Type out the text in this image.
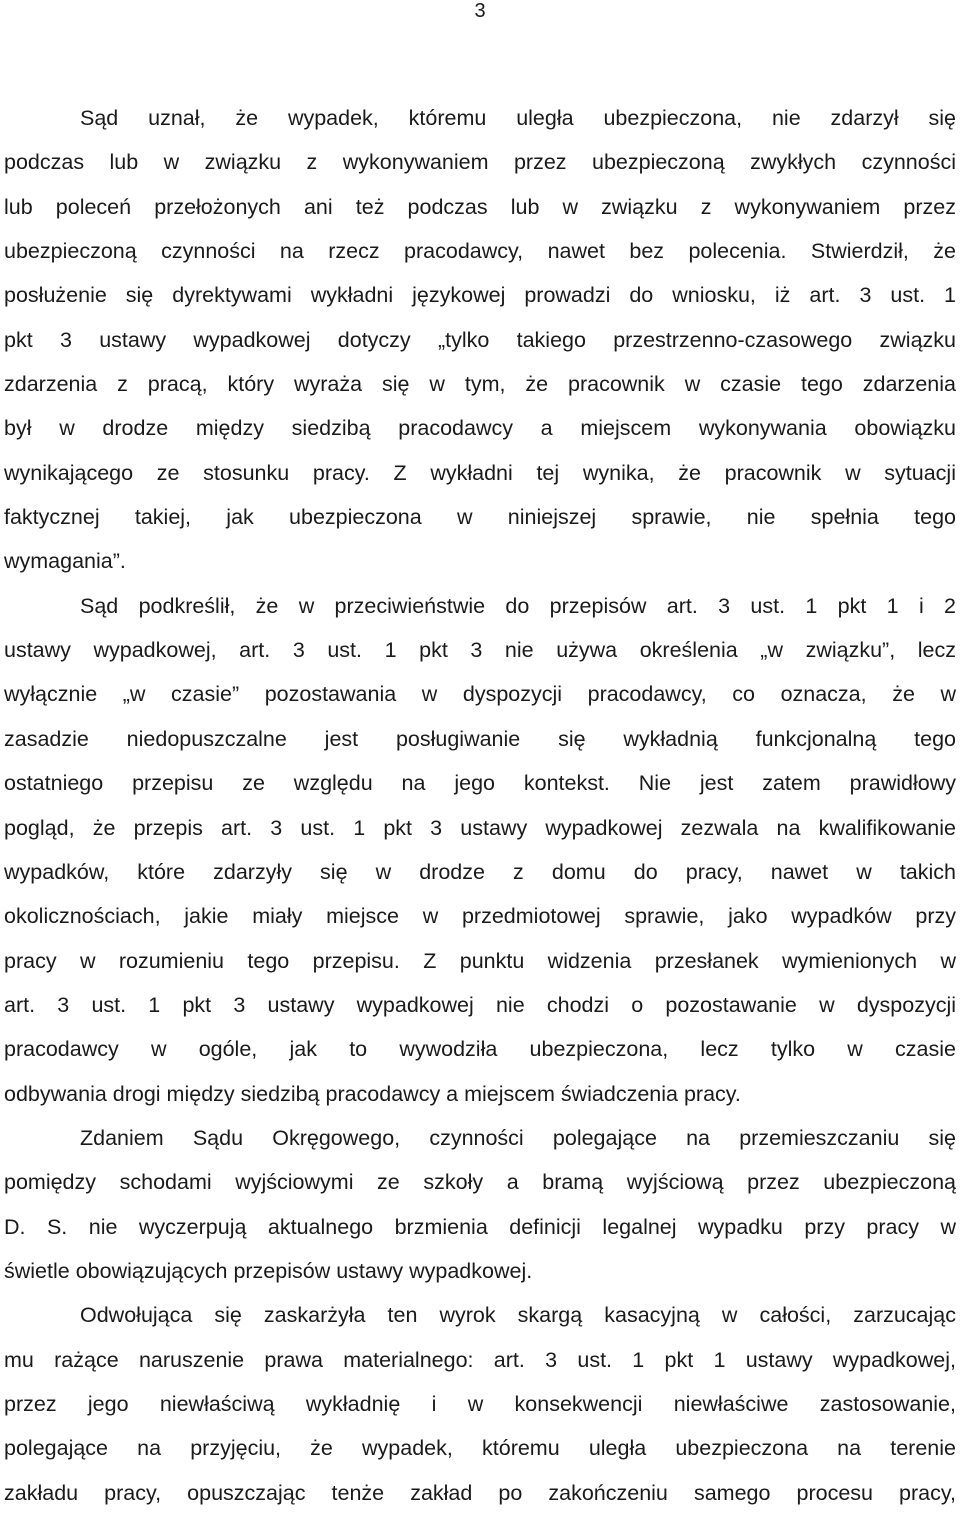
3
Sąd uznał, że wypadek, któremu uległa ubezpieczona, nie zdarzył się
podczas lub w związku z wykonywaniem przez ubezpieczoną zwykłych czynności
lub poleceń przełożonych ani też podczas lub w związku z wykonywaniem przez
ubezpieczoną czynności na rzecz pracodawcy, nawet bez polecenia. Stwierdził, że
posłużenie się dyrektywami wykładni językowej prowadzi do wniosku, iż art. 3 ust. 1
pkt 3 ustawy wypadkowej dotyczy „tylko takiego przestrzenno-czasowego związku
zdarzenia z pracą, który wyraża się w tym, że pracownik w czasie tego zdarzenia
był w drodze między siedzibą pracodawcy a miejscem wykonywania obowiązku
wynikającego ze stosunku pracy. Z wykładni tej wynika, że pracownik w sytuacji
faktycznej takiej, jak ubezpieczona w niniejszej sprawie, nie spełnia tego
wymagania”.
Sąd podkreślił, że w przeciwieństwie do przepisów art. 3 ust. 1 pkt 1 i 2
ustawy wypadkowej, art. 3 ust. 1 pkt 3 nie używa określenia „w związku”, lecz
wyłącznie „w czasie” pozostawania w dyspozycji pracodawcy, co oznacza, że w
zasadzie niedopuszczalne jest posługiwanie się wykładnią funkcjonalną tego
ostatniego przepisu ze względu na jego kontekst. Nie jest zatem prawidłowy
pogląd, że przepis art. 3 ust. 1 pkt 3 ustawy wypadkowej zezwala na kwalifikowanie
wypadków, które zdarzyły się w drodze z domu do pracy, nawet w takich
okolicznościach, jakie miały miejsce w przedmiotowej sprawie, jako wypadków przy
pracy w rozumieniu tego przepisu. Z punktu widzenia przesłanek wymienionych w
art. 3 ust. 1 pkt 3 ustawy wypadkowej nie chodzi o pozostawanie w dyspozycji
pracodawcy w ogóle, jak to wywodziła ubezpieczona, lecz tylko w czasie
odbywania drogi między siedzibą pracodawcy a miejscem świadczenia pracy.
Zdaniem Sądu Okręgowego, czynności polegające na przemieszczaniu się
pomiędzy schodami wyjściowymi ze szkoły a bramą wyjściową przez ubezpieczoną
D. S. nie wyczerpują aktualnego brzmienia definicji legalnej wypadku przy pracy w
świetle obowiązujących przepisów ustawy wypadkowej.
Odwołująca się zaskarżyła ten wyrok skargą kasacyjną w całości, zarzucając
mu rażące naruszenie prawa materialnego: art. 3 ust. 1 pkt 1 ustawy wypadkowej,
przez jego niewłaściwą wykładnię i w konsekwencji niewłaściwe zastosowanie,
polegające na przyjęciu, że wypadek, któremu uległa ubezpieczona na terenie
zakładu pracy, opuszczając tenże zakład po zakończeniu samego procesu pracy,
